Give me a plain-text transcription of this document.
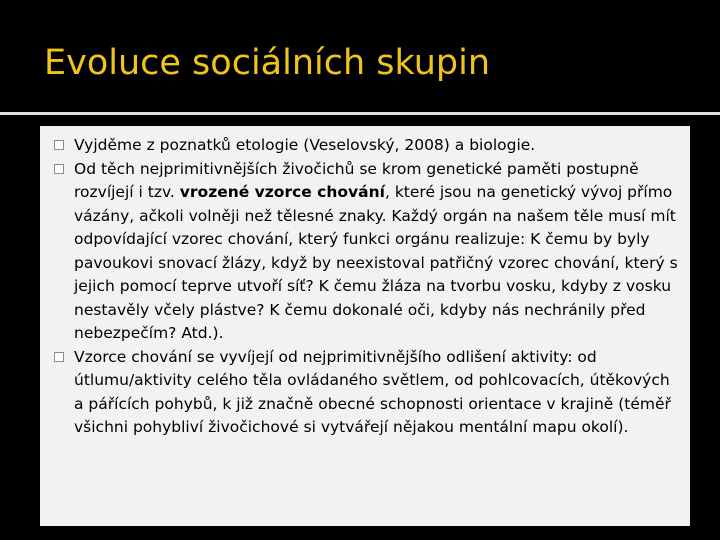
Evoluce sociálních skupin
Vyjděme z poznatků etologie (Veselovský, 2008) a biologie.
Od těch nejprimitivnějších živočichů se krom genetické paměti postupně rozvíjejí i tzv. vrozené vzorce chování, které jsou na genetický vývoj přímo vázány, ačkoli volněji než tělesné znaky. Každý orgán na našem těle musí mít odpovídající vzorec chování, který funkci orgánu realizuje: K čemu by byly pavoukovi snovací žlázy, když by neexistoval patřičný vzorec chování, který s jejich pomocí teprve utvoří síť? K čemu žláza na tvorbu vosku, kdyby z vosku nestavěly včely plástve? K čemu dokonalé oči, kdyby nás nechránily před nebezpečím? Atd.).
Vzorce chování se vyvíjejí od nejprimitivnějšího odlišení aktivity: od útlumu/aktivity celého těla ovládaného světlem, od pohlcovacích, útěkových a pářících pohybů, k již značně obecné schopnosti orientace v krajině (téměř všichni pohybliví živočichové si vytvářejí nějakou mentální mapu okolí).
